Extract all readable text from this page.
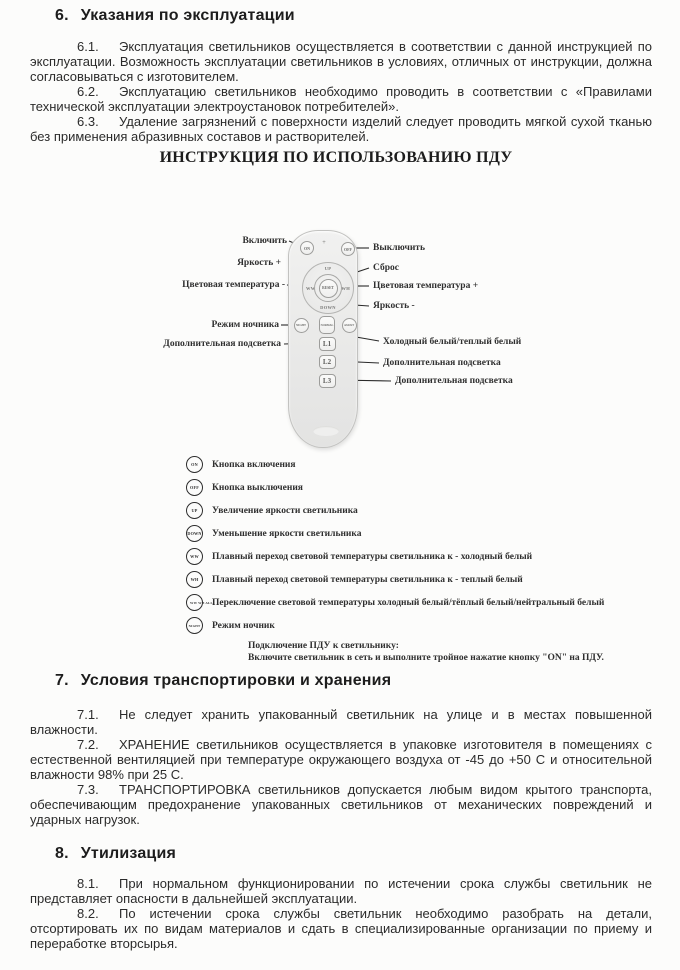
6. Указания по эксплуатации

6.1. Эксплуатация светильников осуществляется в соответствии с данной инструкцией по эксплуатации. Возможность эксплуатации светильников в условиях, отличных от инструкции, должна согласовываться с изготовителем.

6.2. Эксплуатацию светильников необходимо проводить в соответствии с «Правилами технической эксплуатации электроустановок потребителей».

6.3. Удаление загрязнений с поверхности изделий следует проводить мягкой сухой тканью без применения абразивных составов и растворителей.

ИНСТРУКЦИЯ ПО ИСПОЛЬЗОВАНИЮ ПДУ
Включить
Яркость +
Цветовая температура -
Режим ночника
Дополнительная подсветка
Выключить
Сброс
Цветовая температура +
Яркость -
Холодный белый/теплый белый
Дополнительная подсветка
Дополнительная подсветка
ON
+
OFF
UP
WW	WH
DOWN
RESET
NIGHT	NORMAL	ASSIST
L1
L2
L3
ON	Кнопка включения
OFF	Кнопка выключения
UP	Увеличение яркости светильника
DOWN Уменьшение яркости светильника
WW	Плавный переход световой температуры светильника к - холодный белый
WH	Плавный переход световой температуры светильника к - теплый белый
WW WH ALL Переключение световой температуры холодный белый/тёплый белый/нейтральный белый
NIGHT Режим ночник
Подключение ПДУ к светильнику:
Включите светильник в сеть и выполните тройное нажатие кнопку "ON" на ПДУ.
7. Условия транспортировки и хранения

7.1. Не следует хранить упакованный светильник на улице и в местах повышенной влажности.

7.2. ХРАНЕНИЕ светильников осуществляется в упаковке изготовителя в помещениях с естественной вентиляцией при температуре окружающего воздуха от -45 до +50 С и относительной влажности 98% при 25 С.

7.3. ТРАНСПОРТИРОВКА светильников допускается любым видом крытого транспорта, обеспечивающим предохранение упакованных светильников от механических повреждений и ударных нагрузок.

8. Утилизация

8.1. При нормальном функционировании по истечении срока службы светильник не представляет опасности в дальнейшей эксплуатации.

8.2. По истечении срока службы светильник необходимо разобрать на детали, отсортировать их по видам материалов и сдать в специализированные организации по приему и переработке вторсырья.
